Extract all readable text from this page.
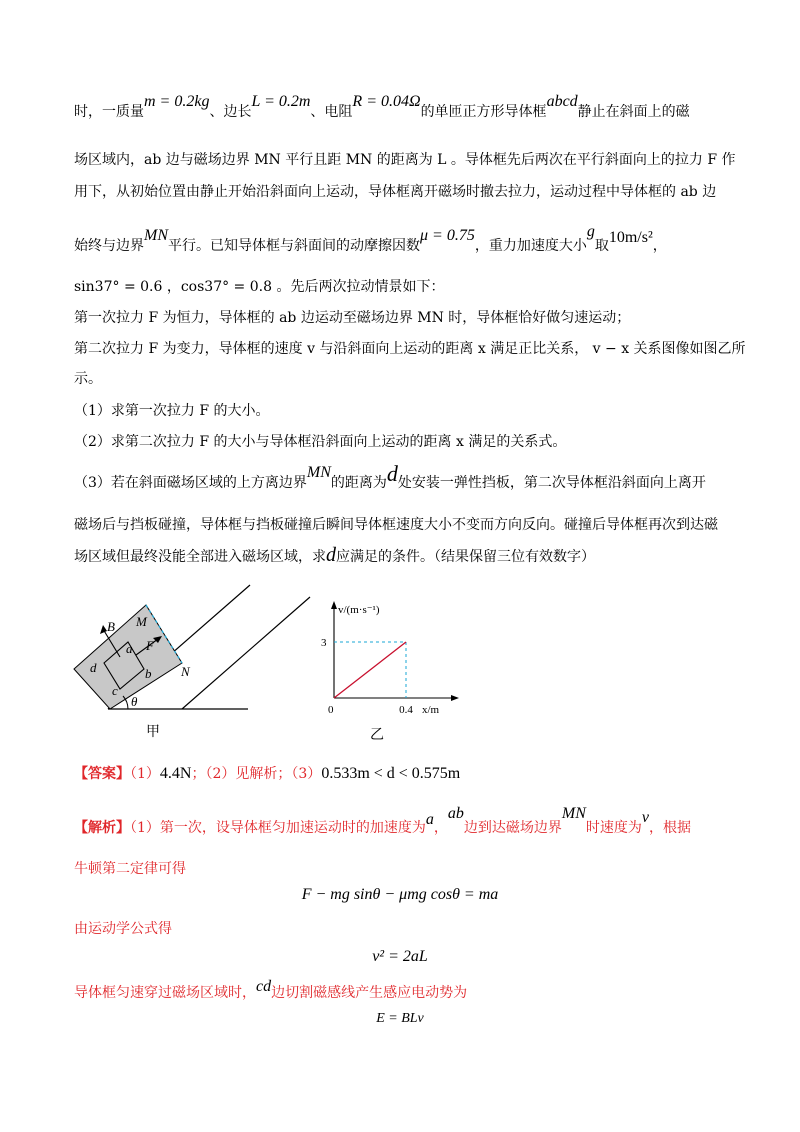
时，一质量m = 0.2kg、边长L = 0.2m、电阻R = 0.04Ω的单匝正方形导体框abcd静止在斜面上的磁
场区域内，ab 边与磁场边界 MN 平行且距 MN 的距离为 L 。导体框先后两次在平行斜面向上的拉力 F 作
用下，从初始位置由静止开始沿斜面向上运动，导体框离开磁场时撤去拉力，运动过程中导体框的 ab 边
始终与边界MN平行。已知导体框与斜面间的动摩擦因数μ = 0.75，重力加速度大小g取10m/s²，
sin37° = 0.6 ，cos37° = 0.8 。先后两次拉动情景如下：
第一次拉力 F 为恒力，导体框的 ab 边运动至磁场边界 MN 时，导体框恰好做匀速运动；
第二次拉力 F 为变力，导体框的速度 v 与沿斜面向上运动的距离 x 满足正比关系， v − x 关系图像如图乙所
示。
（1）求第一次拉力 F 的大小。
（2）求第二次拉力 F 的大小与导体框沿斜面向上运动的距离 x 满足的关系式。
（3）若在斜面磁场区域的上方离边界MN的距离为d处安装一弹性挡板，第二次导体框沿斜面向上离开
磁场后与挡板碰撞，导体框与挡板碰撞后瞬间导体框速度大小不变而方向反向。碰撞后导体框再次到达磁
场区域但最终没能全部进入磁场区域，求d应满足的条件。（结果保留三位有效数字）
B M
a F
d	b N
c
θ
甲
v/(m·s⁻¹)
x/m
0
3
0.4
乙
【答案】（1）4.4N；（2）见解析；（3）0.533m < d < 0.575m
【解析】（1）第一次，设导体框匀加速运动时的加速度为a，ab边到达磁场边界MN时速度为v，根据
牛顿第二定律可得
F − mg sinθ − μmg cosθ = ma
由运动学公式得
v² = 2aL
导体框匀速穿过磁场区域时，cd边切割磁感线产生感应电动势为
E = BLv
